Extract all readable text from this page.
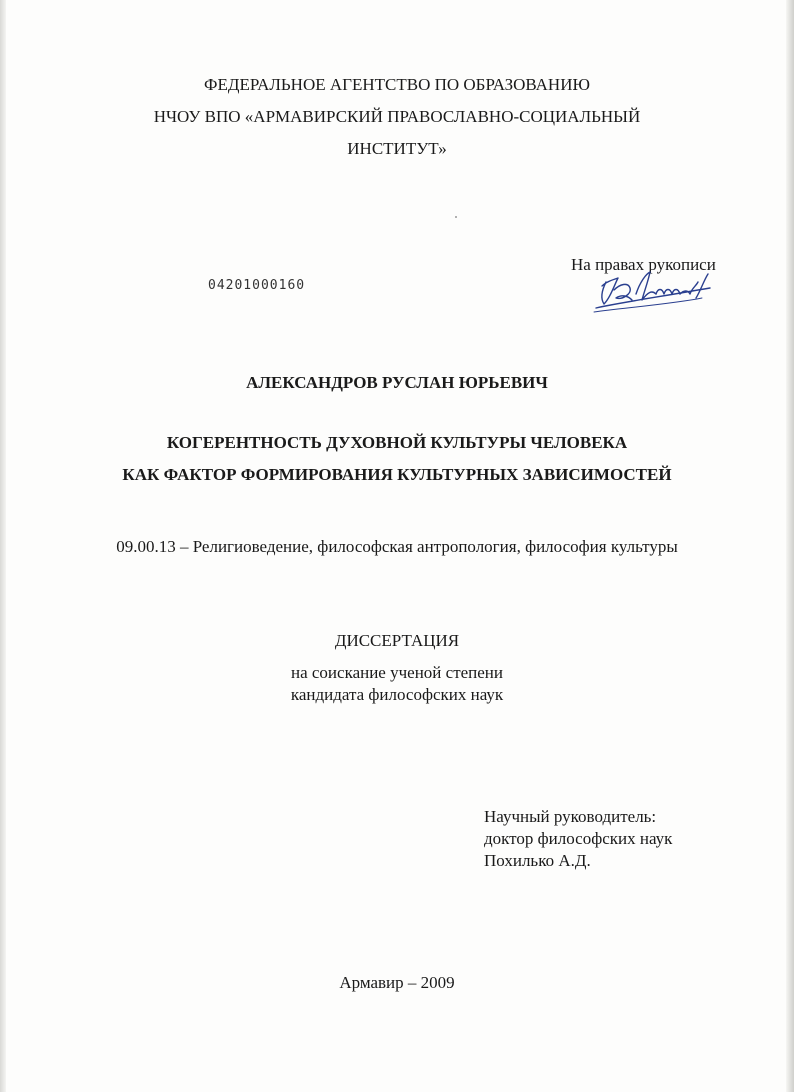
ФЕДЕРАЛЬНОЕ АГЕНТСТВО ПО ОБРАЗОВАНИЮ
НЧОУ ВПО «АРМАВИРСКИЙ ПРАВОСЛАВНО-СОЦИАЛЬНЫЙ
ИНСТИТУТ»
04201000160
На правах рукописи
АЛЕКСАНДРОВ РУСЛАН ЮРЬЕВИЧ
КОГЕРЕНТНОСТЬ ДУХОВНОЙ КУЛЬТУРЫ ЧЕЛОВЕКА
КАК ФАКТОР ФОРМИРОВАНИЯ КУЛЬТУРНЫХ ЗАВИСИМОСТЕЙ
09.00.13 – Религиоведение, философская антропология, философия культуры
ДИССЕРТАЦИЯ
на соискание ученой степени
кандидата философских наук
Научный руководитель:
доктор философских наук
Похилько А.Д.
Армавир – 2009
